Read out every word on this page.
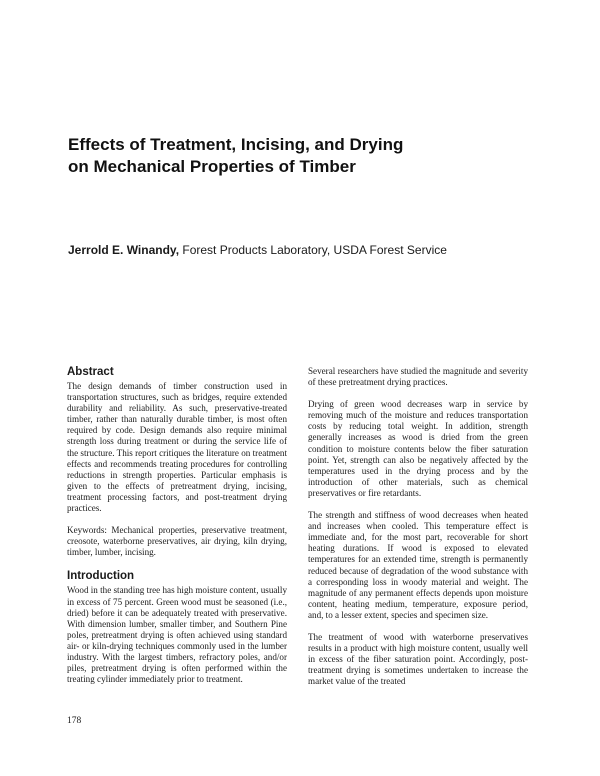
Effects of Treatment, Incising, and Drying
on Mechanical Properties of Timber
Jerrold E. Winandy, Forest Products Laboratory, USDA Forest Service
Abstract

The design demands of timber construction used in transportation structures, such as bridges, require extended durability and reliability. As such, preservative-treated timber, rather than naturally durable timber, is most often required by code. Design demands also require minimal strength loss during treatment or during the service life of the structure. This report critiques the literature on treatment effects and recommends treating procedures for controlling reductions in strength properties. Particular emphasis is given to the effects of pretreatment drying, incising, treatment processing factors, and post-treatment drying practices.

Keywords: Mechanical properties, preservative treatment, creosote, waterborne preservatives, air drying, kiln drying, timber, lumber, incising.

Introduction

Wood in the standing tree has high moisture content, usually in excess of 75 percent. Green wood must be seasoned (i.e., dried) before it can be adequately treated with preservative. With dimension lumber, smaller timber, and Southern Pine poles, pretreatment drying is often achieved using standard air- or kiln-drying techniques commonly used in the lumber industry. With the largest timbers, refractory poles, and/or piles, pretreatment drying is often performed within the treating cylinder immediately prior to treatment.

Several researchers have studied the magnitude and severity of these pretreatment drying practices.

Drying of green wood decreases warp in service by removing much of the moisture and reduces transportation costs by reducing total weight. In addition, strength generally increases as wood is dried from the green condition to moisture contents below the fiber saturation point. Yet, strength can also be negatively affected by the temperatures used in the drying process and by the introduction of other materials, such as chemical preservatives or fire retardants.

The strength and stiffness of wood decreases when heated and increases when cooled. This temperature effect is immediate and, for the most part, recoverable for short heating durations. If wood is exposed to elevated temperatures for an extended time, strength is permanently reduced because of degradation of the wood substance with a corresponding loss in woody material and weight. The magnitude of any permanent effects depends upon moisture content, heating medium, temperature, exposure period, and, to a lesser extent, species and specimen size.

The treatment of wood with waterborne preservatives results in a product with high moisture content, usually well in excess of the fiber saturation point. Accordingly, post-treatment drying is sometimes undertaken to increase the market value of the treated

178
